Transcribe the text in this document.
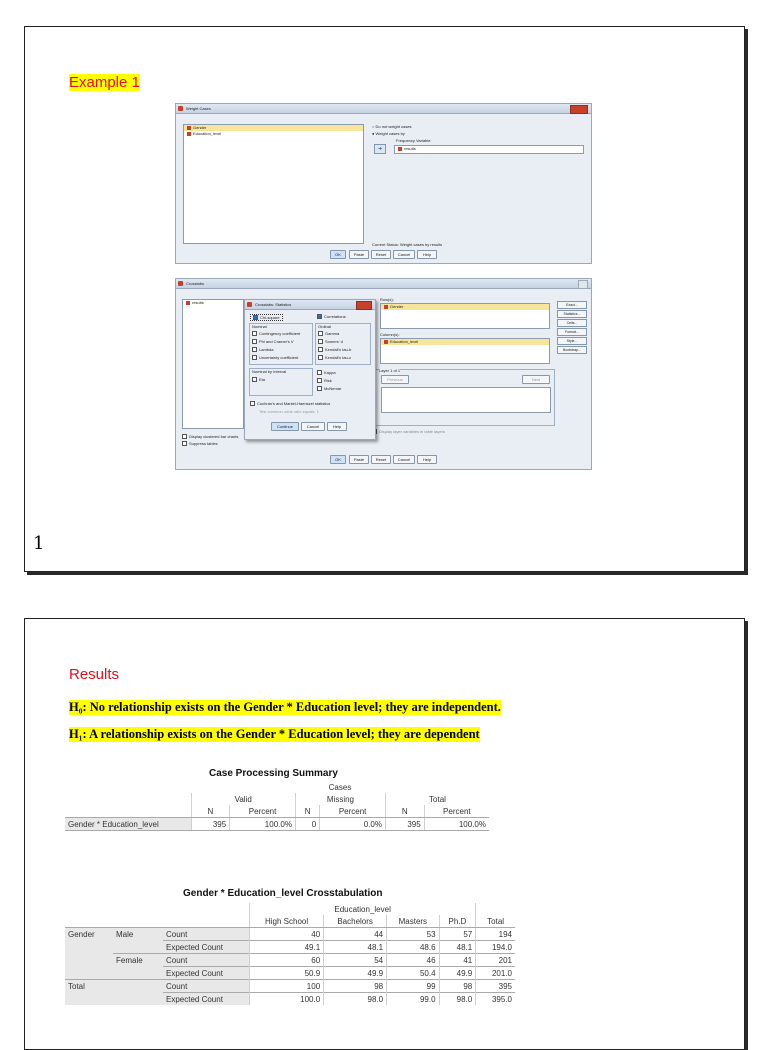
Example 1
Weight Cases
Gender
Education_level
○ Do not weight cases
● Weight cases by
Frequency Variable:
➜	results
Current Status: Weight cases by results
OK	Paste	Reset	Cancel	Help
Crosstabs
results
Display clustered bar charts
Suppress tables
Row(s):
Gender
Column(s):
Education_level
Layer 1 of 1
Previous	Next
Display layer variables in table layers
Exact...
Statistics...
Cells...
Format...
Style...
Bootstrap...
OK	Paste	Reset	Cancel	Help
Crosstabs: Statistics
Chi-square	Correlations
Nominal
Contingency coefficient
Phi and Cramer's V
Lambda
Uncertainty coefficient
Ordinal
Gamma
Somers' d
Kendall's tau-b
Kendall's tau-c
Nominal by Interval
Eta
Kappa
Risk
McNemar
Cochran's and Mantel-Haenszel statistics
Test common odds ratio equals: 1
Continue	Cancel	Help
1
Results
H₀: No relationship exists on the Gender * Education level; they are independent.
H₁: A relationship exists on the Gender * Education level; they are dependent
Case Processing Summary
	Cases					
	Valid		Missing		Total	
	N	Percent	N	Percent	N	Percent
Gender * Education_level	395	100.0%	0	0.0%	395	100.0%
Gender * Education_level Crosstabulation
			Education_level				
			High School	Bachelors	Masters	Ph.D	Total
Gender	Male	Count	40	44	53	57	194
		Expected Count	49.1	48.1	48.6	48.1	194.0
	Female	Count	60	54	46	41	201
		Expected Count	50.9	49.9	50.4	49.9	201.0
Total		Count	100	98	99	98	395
		Expected Count	100.0	98.0	99.0	98.0	395.0
